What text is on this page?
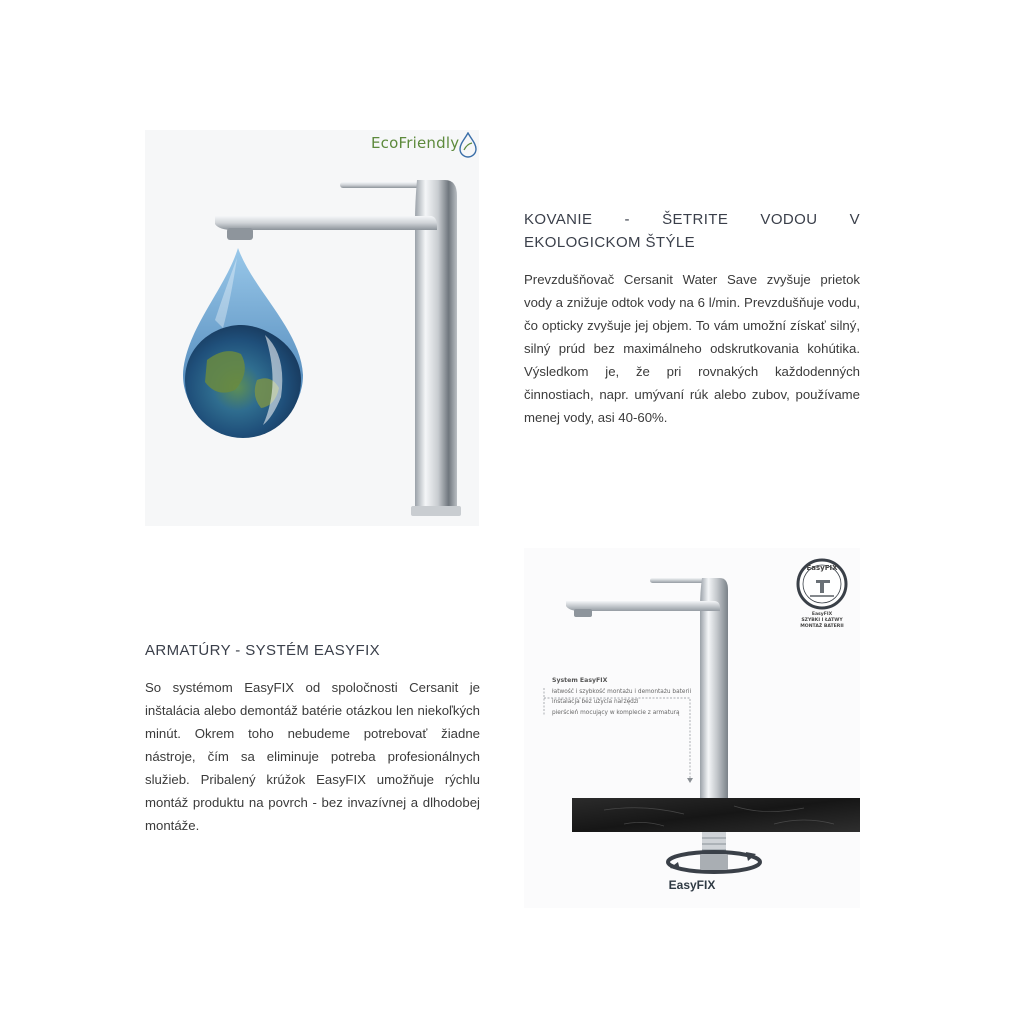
EcoFriendly
KOVANIE - ŠETRITE VODOU V EKOLOGICKOM ŠTÝLE

Prevzdušňovač Cersanit Water Save zvyšuje prietok vody a znižuje odtok vody na 6 l/min. Prevzdušňuje vodu, čo opticky zvyšuje jej objem. To vám umožní získať silný, silný prúd bez maximálneho odskrutkovania kohútika. Výsledkom je, že pri rovnakých každodenných činnostiach, napr. umývaní rúk alebo zubov, používame menej vody, asi 40-60%.

ARMATÚRY - SYSTÉM EASYFIX

So systémom EasyFIX od spoločnosti Cersanit je inštalácia alebo demontáž batérie otázkou len niekoľkých minút. Okrem toho nebudeme potrebovať žiadne nástroje, čím sa eliminuje potreba profesionálnych služieb. Pribalený krúžok EasyFIX umožňuje rýchlu montáž produktu na povrch - bez invazívnej a dlhodobej montáže.

System EasyFIX
łatwość i szybkość montażu i demontażu baterii
instalacja bez użycia narzędzi
pierścień mocujący w komplecie z armaturą
EasyFIX
EasyFIX
SZYBKI I ŁATWY
MONTAŻ BATERII
EasyFIX
